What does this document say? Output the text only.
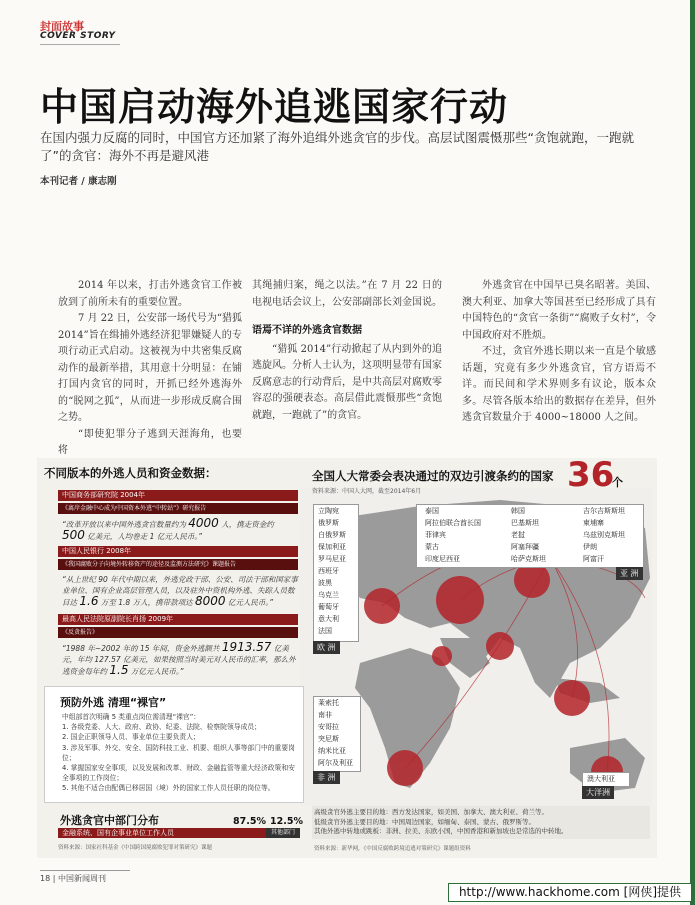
封面故事
COVER STORY
中国启动海外追逃国家行动
在国内强力反腐的同时，中国官方还加紧了海外追缉外逃贪官的步伐。高层试图震慑那些“贪饱就跑，一跑就了”的贪官：海外不再是避风港
本刊记者 / 康志刚

2014 年以来，打击外逃贪官工作被放到了前所未有的重要位置。

7 月 22 日，公安部一场代号为“猎狐 2014”旨在缉捕外逃经济犯罪嫌疑人的专项行动正式启动。这被视为中共密集反腐动作的最新举措，其用意十分明显：在铺打国内贪官的同时，开抓已经外逃海外的“脱网之狐”，从而进一步形成反腐合围之势。

“即使犯罪分子逃到天涯海角，也要将

其绳捕归案，绳之以法。”在 7 月 22 日的电视电话会议上，公安部副部长刘金国说。

语焉不详的外逃贪官数据

“猎狐 2014”行动掀起了从内到外的追逃旋风。分析人士认为，这项明显带有国家反腐意志的行动背后，是中共高层对腐败零容忍的强硬表态。高层借此震慑那些“贪饱就跑，一跑就了”的贪官。

外逃贪官在中国早已臭名昭著。美国、澳大利亚、加拿大等国甚至已经形成了具有中国特色的“贪官一条街”“腐败子女村”，令中国政府对不胜烦。

不过，贪官外逃长期以来一直是个敏感话题，究竟有多少外逃贪官，官方语焉不详。而民间和学术界则多有议论，版本众多。尽管各版本给出的数据存在差异，但外逃贪官数量介于 4000~18000 人之间。

全国人大常委会表决通过的双边引渡条约的国家
资料来源：中国人大网，截至2014年6月	36
个
立陶宛
俄罗斯
白俄罗斯
保加利亚
罗马尼亚
西班牙
波黑
乌克兰
葡萄牙
意大利
法国
欧 洲
泰国
阿拉伯联合酋长国
菲律宾
蒙古
印度尼西亚
韩国
巴基斯坦
老挝
阿塞拜疆
哈萨克斯坦
吉尔吉斯斯坦
柬埔寨
乌兹别克斯坦
伊朗
阿富汗
亚 洲
莱索托
南非
安哥拉
突尼斯
纳米比亚
阿尔及利亚
非 洲	澳大利亚
大洋洲
不同版本的外逃人员和资金数据：
中国商务部研究院 2004年
《离岸金融中心成为中国资本外逃“中转站”》研究报告
“改革开放以来中国外逃贪官数量约为 4000 人，携走资金约 500 亿美元，人均卷走 1 亿元人民币。”
中国人民银行 2008年
《我国腐败分子向境外转移资产的途径及监测方法研究》课题报告
“从上世纪 90 年代中期以来，外逃党政干部、公安、司法干部和国家事业单位、国有企业高层管理人员，以及驻外中资机构外逃、失踪人员数目达 1.6 万至 1.8 万人，携带款项达 8000 亿元人民币。”
最高人民法院原副院长肖扬 2009年
《反贪报告》
“1988 年~2002 年的 15 年间，资金外逃额共 1913.57 亿美元，年均 127.57 亿美元，如果按照当时美元对人民币的汇率，那么外逃资金每年约 1.5 万亿元人民币。”
预防外逃 清理“裸官”
中组部首次明确 5 类重点岗位需清理“裸官”：
1. 各级党委、人大、政府、政协、纪委、法院、检察院领导成员；
2. 国企正职领导人员、事业单位主要负责人；
3. 涉及军事、外交、安全、国防科技工业、机要、组织人事等部门中的重要岗位；
4. 掌握国家安全事项，以及发展和改革、财政、金融监管等重大经济政策和安全事项的工作岗位；
5. 其他不适合由配偶已移居国（境）外的国家工作人员任职的岗位等。
外逃贪官中部门分布	87.5% 12.5%
金融系统、国有企事业单位工作人员	其他部门
资料来源：国家社科基金《中国跨国境腐败犯罪对策研究》课题
高级贪官外逃主要目的地：西方发达国家，如美国、加拿大、澳大利亚、荷兰等。
低级贪官外逃主要目的地：中国周边国家，如缅甸、泰国、蒙古、俄罗斯等。
其他外逃中转地或跳板：非洲、拉美、东欧小国，中国香港和新加坡也是常选的中转地。
资料来源：新华网，《中国反腐败跨境追逃对策研究》课题组资料
18 | 中国新闻周刊
http://www.hackhome.com [网侠]提供
